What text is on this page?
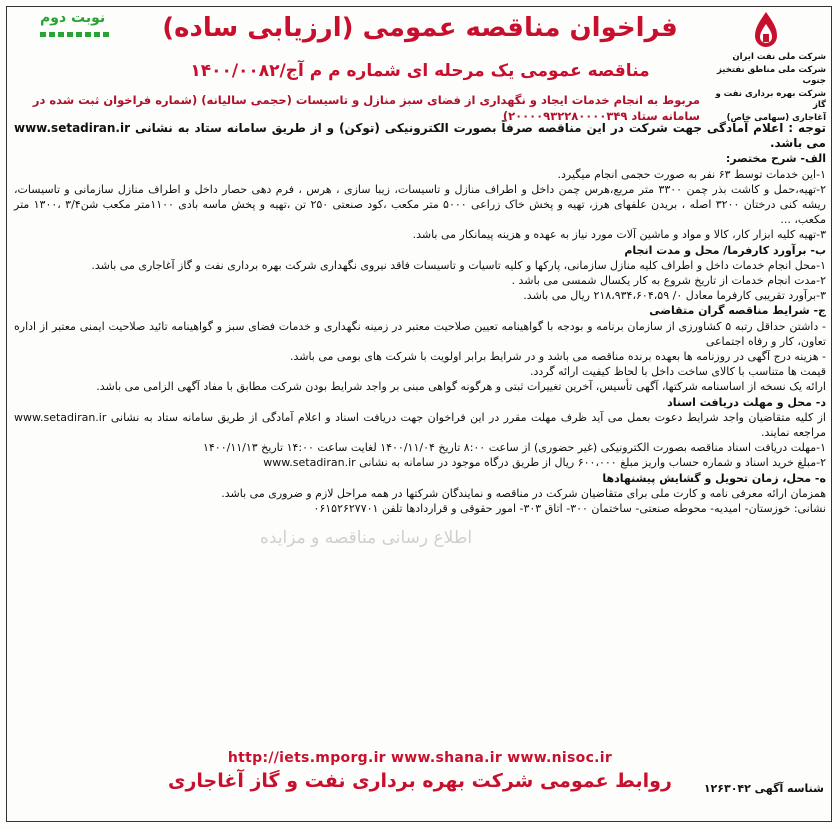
شرکت ملی نفت ایران
شرکت ملی مناطق نفتخیز جنوب
شرکت بهره برداری نفت و گاز
آغاجاری (سهامی خاص)
نوبت دوم	فراخوان مناقصه عمومی (ارزیابی ساده)
مناقصه عمومی یک مرحله ای شماره م م آج/۱۴۰۰/۰۰۸۲
مربوط به انجام خدمات ایجاد و نگهداری از فضای سبز منازل و تاسیسات (حجمی سالیانه) (شماره فراخوان ثبت شده در سامانه ستاد ۲۰۰۰۰۹۳۲۲۸۰۰۰۰۳۴۹)

توجه : اعلام آمادگی جهت شرکت در این مناقصه صرفاً بصورت الکترونیکی (توکن) و از طریق سامانه ستاد به نشانی www.setadiran.ir می باشد.

الف- شرح مختصر:

۱-این خدمات توسط ۶۳ نفر به صورت حجمی انجام میگیرد.

۲-تهیه،حمل و کاشت بذر چمن ۳۳۰۰ متر مربع،هرس چمن داخل و اطراف منازل و تاسیسات، زیبا سازی ، هرس ، فرم دهی حصار داخل و اطراف منازل سازمانی و تاسیسات، ریشه کنی درختان ۳۲۰۰ اصله ، بریدن علفهای هرز، تهیه و پخش خاک زراعی ۵۰۰۰ متر مکعب ،کود صنعتی ۲۵۰ تن ،تهیه و پخش ماسه بادی ۱۱۰۰متر مکعب شن۳/۴ ،۱۳۰۰ متر مکعب، ...

۳-تهیه کلیه ابزار کار، کالا و مواد و ماشین آلات مورد نیاز به عهده و هزینه پیمانکار می باشد.

ب- برآورد کارفرما/ محل و مدت انجام

۱-محل انجام خدمات داخل و اطراف کلیه منازل سازمانی، پارکها و کلیه تاسیات و تاسیسات فاقد نیروی نگهداری شرکت بهره برداری نفت و گاز آغاجاری می باشد.

۲-مدت انجام خدمات از تاریخ شروع به کار یکسال شمسی می باشد .

۳-برآورد تقریبی کارفرما معادل ۰/ ۲۱۸،۹۳۴،۶۰۴،۵۹ ریال می باشد.

ج- شرایط مناقصه گران متقاضی

- داشتن حداقل رتبه ۵ کشاورزی از سازمان برنامه و بودجه با گواهینامه تعیین صلاحیت معتبر در زمینه نگهداری و خدمات فضای سبز و گواهینامه تائید صلاحیت ایمنی معتبر از اداره تعاون، کار و رفاه اجتماعی

- هزینه درج آگهی در روزنامه ها بعهده برنده مناقصه می باشد و در شرایط برابر اولویت با شرکت های بومی می باشد.

قیمت ها متناسب با کالای ساخت داخل با لحاظ کیفیت ارائه گردد.

ارائه یک نسخه از اساسنامه شرکتها، آگهی تأسیس، آخرین تغییرات ثبتی و هرگونه گواهی مبنی بر واجد شرایط بودن شرکت مطابق با مفاد آگهی الزامی می باشد.

د- محل و مهلت دریافت اسناد

از کلیه متقاضیان واجد شرایط دعوت بعمل می آید ظرف مهلت مقرر در این فراخوان جهت دریافت اسناد و اعلام آمادگی از طریق سامانه ستاد به نشانی www.setadiran.ir مراجعه نمایند.

۱-مهلت دریافت اسناد مناقصه بصورت الکترونیکی (غیر حضوری) از ساعت ۸:۰۰ تاریخ ۱۴۰۰/۱۱/۰۴ لغایت ساعت ۱۴:۰۰ تاریخ ۱۴۰۰/۱۱/۱۳

۲-مبلغ خرید اسناد و شماره حساب واریز مبلغ ۶۰۰،۰۰۰ ریال از طریق درگاه موجود در سامانه به نشانی www.setadiran.ir

ه- محل، زمان تحویل و گشایش پیشنهادها

همزمان ارائه معرفی نامه و کارت ملی برای متقاضیان شرکت در مناقصه و نمایندگان شرکتها در همه مراحل لازم و ضروری می باشد.

نشانی: خوزستان- امیدیه- محوطه صنعتی- ساختمان ۳۰۰- اتاق ۳۰۳- امور حقوقی و قراردادها تلفن ۰۶۱۵۲۶۲۷۷۰۱

اطلاع رسانی مناقصه و مزایده
http://iets.mporg.ir www.shana.ir www.nisoc.ir
روابط عمومی شرکت بهره برداری نفت و گاز آغاجاری	شناسه آگهی ۱۲۶۳۰۴۲
